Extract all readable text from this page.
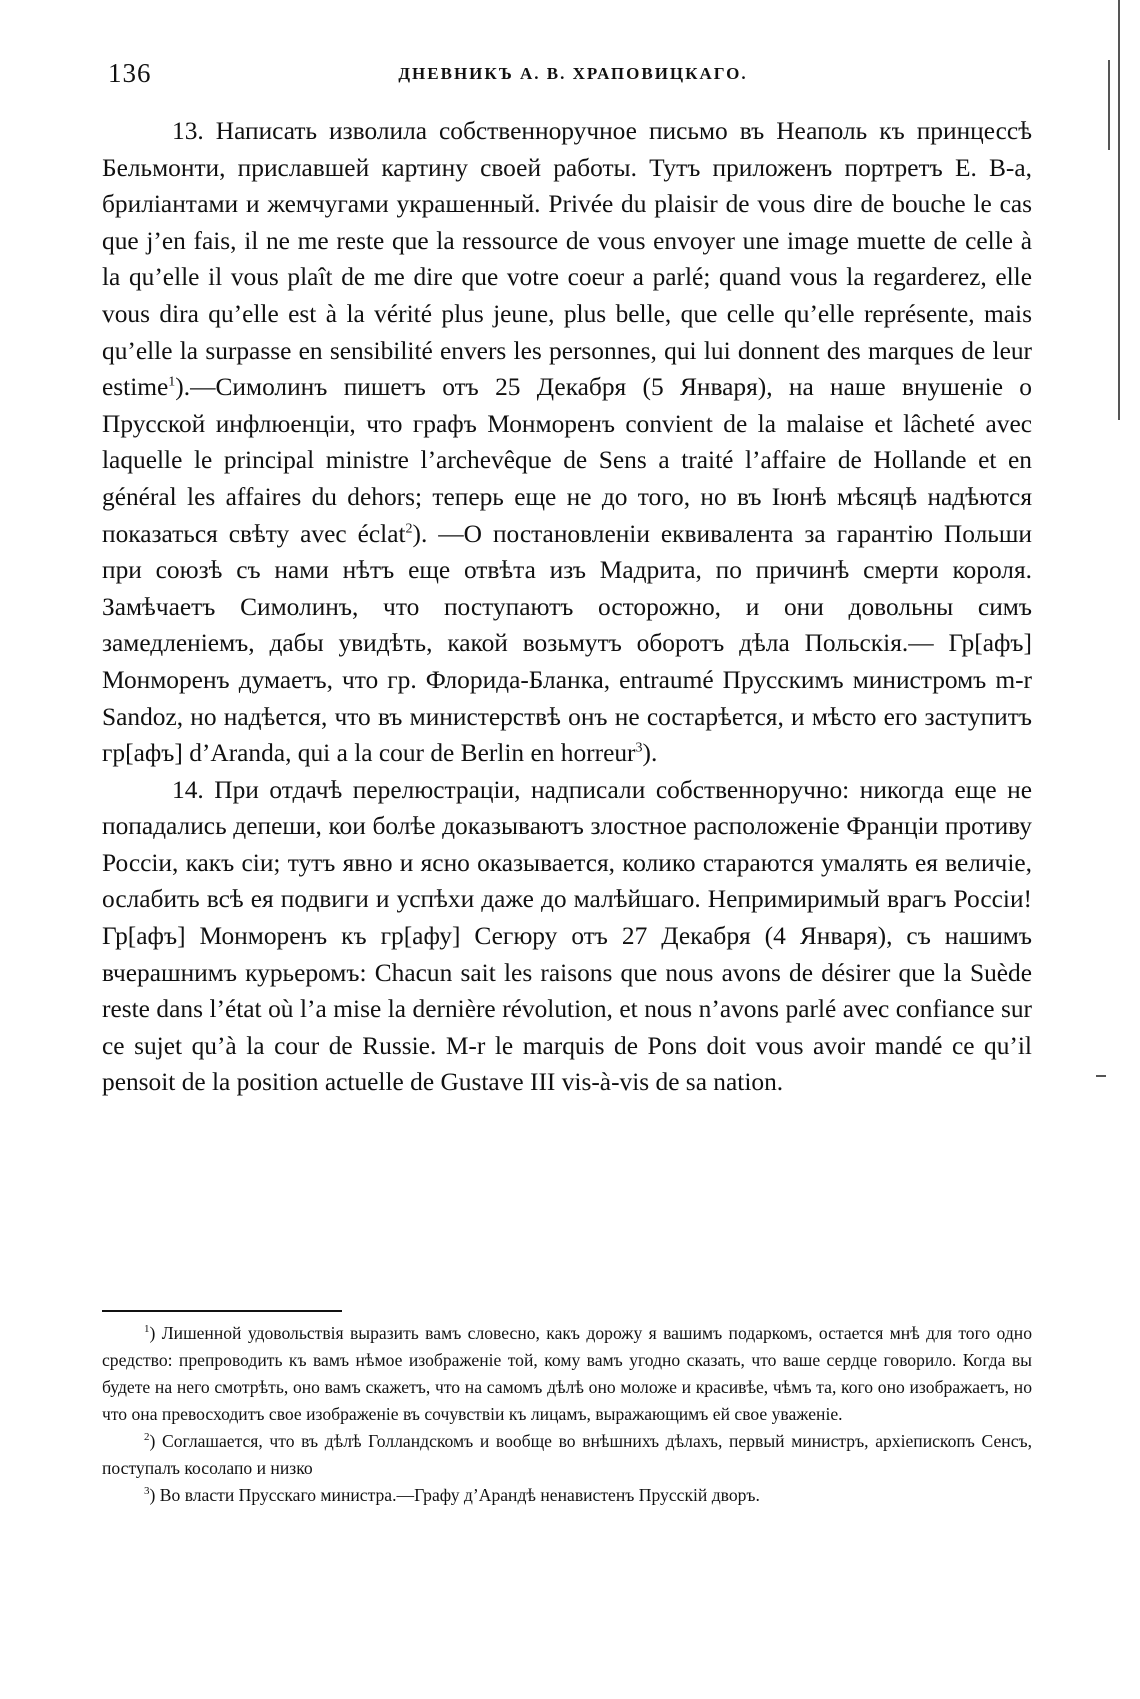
136	ДНЕВНИКЪ А. В. ХРАПОВИЦКАГО.

13. Написать изволила собственноручное письмо въ Неаполь къ принцессѣ Бельмонти, приславшей картину своей работы. Тутъ приложенъ портретъ Е. В-а, бриліантами и жемчугами украшенный. Privée du plaisir de vous dire de bouche le cas que j’en fais, il ne me reste que la ressource de vous envoyer une image muette de celle à la qu’elle il vous plaît de me dire que votre coeur a parlé; quand vous la regarderez, elle vous dira qu’elle est à la vérité plus jeune, plus belle, que celle qu’elle représente, mais qu’elle la surpasse en sensibilité envers les personnes, qui lui donnent des marques de leur estime$^1$).—Симолинъ пишетъ отъ 25 Декабря (5 Января), на наше внушеніе о Прусской инфлюенціи, что графъ Монморенъ convient de la malaise et lâcheté avec laquelle le principal ministre l’archevêque de Sens a traité l’affaire de Hollande et en général les affaires du dehors; теперь еще не до того, но въ Іюнѣ мѣсяцѣ надѣются показаться свѣту avec éclat$^2$). —О постановленіи еквивалента за гарантію Польши при союзѣ съ нами нѣтъ еще отвѣта изъ Мадрита, по причинѣ смерти короля. Замѣчаетъ Симолинъ, что поступаютъ осторожно, и они довольны симъ замедленіемъ, дабы увидѣть, какой возьмутъ оборотъ дѣла Польскія.— Гр[афъ] Монморенъ думаетъ, что гр. Флорида-Бланка, entraumé Прусскимъ министромъ m-r Sandoz, но надѣется, что въ министерствѣ онъ не состарѣется, и мѣсто его заступитъ гр[афъ] d’Aranda, qui a la cour de Berlin en horreur$^3$).

14. При отдачѣ перелюстраціи, надписали собственноручно: никогда еще не попадались депеши, кои болѣе доказываютъ злостное расположеніе Франціи противу Россіи, какъ сіи; тутъ явно и ясно оказывается, колико стараются умалять ея величіе, ослабить всѣ ея подвиги и успѣхи даже до малѣйшаго. Непримиримый врагъ Россіи! Гр[афъ] Монморенъ къ гр[афу] Сегюру отъ 27 Декабря (4 Января), съ нашимъ вчерашнимъ курьеромъ: Chacun sait les raisons que nous avons de désirer que la Suède reste dans l’état où l’a mise la dernière révolution, et nous n’avons parlé avec confiance sur ce sujet qu’à la cour de Russie. M-r le marquis de Pons doit vous avoir mandé ce qu’il pensoit de la position actuelle de Gustave III vis-à-vis de sa nation.

$^1$) Лишенной удовольствія выразить вамъ словесно, какъ дорожу я вашимъ подаркомъ, остается мнѣ для того одно средство: препроводить къ вамъ нѣмое изображеніе той, кому вамъ угодно сказать, что ваше сердце говорило. Когда вы будете на него смотрѣть, оно вамъ скажетъ, что на самомъ дѣлѣ оно моложе и красивѣе, чѣмъ та, кого оно изображаетъ, но что она превосходитъ свое изображеніе въ сочувствіи къ лицамъ, выражающимъ ей свое уваженіе.

$^2$) Соглашается, что въ дѣлѣ Голландскомъ и вообще во внѣшнихъ дѣлахъ, первый министръ, архіепископъ Сенсъ, поступалъ косолапо и низко

$^3$) Во власти Прусскаго министра.—Графу д’Арандѣ ненавистенъ Прусскій дворъ.
